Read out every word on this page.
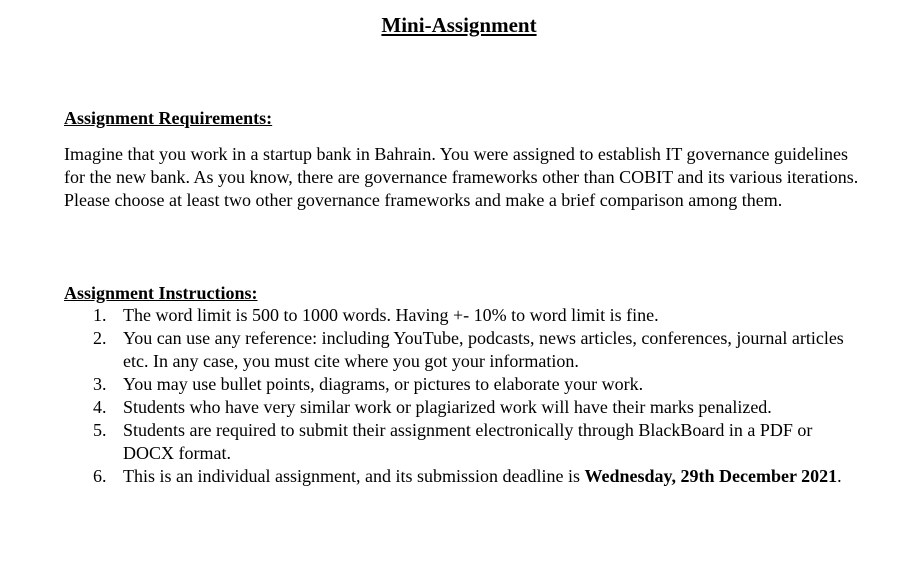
Mini-Assignment
Assignment Requirements:
Imagine that you work in a startup bank in Bahrain. You were assigned to establish IT governance guidelines for the new bank. As you know, there are governance frameworks other than COBIT and its various iterations. Please choose at least two other governance frameworks and make a brief comparison among them.
Assignment Instructions:
1. The word limit is 500 to 1000 words. Having +- 10% to word limit is fine.
2. You can use any reference: including YouTube, podcasts, news articles, conferences, journal articles etc. In any case, you must cite where you got your information.
3. You may use bullet points, diagrams, or pictures to elaborate your work.
4. Students who have very similar work or plagiarized work will have their marks penalized.
5. Students are required to submit their assignment electronically through BlackBoard in a PDF or DOCX format.
6. This is an individual assignment, and its submission deadline is Wednesday, 29th December 2021.
